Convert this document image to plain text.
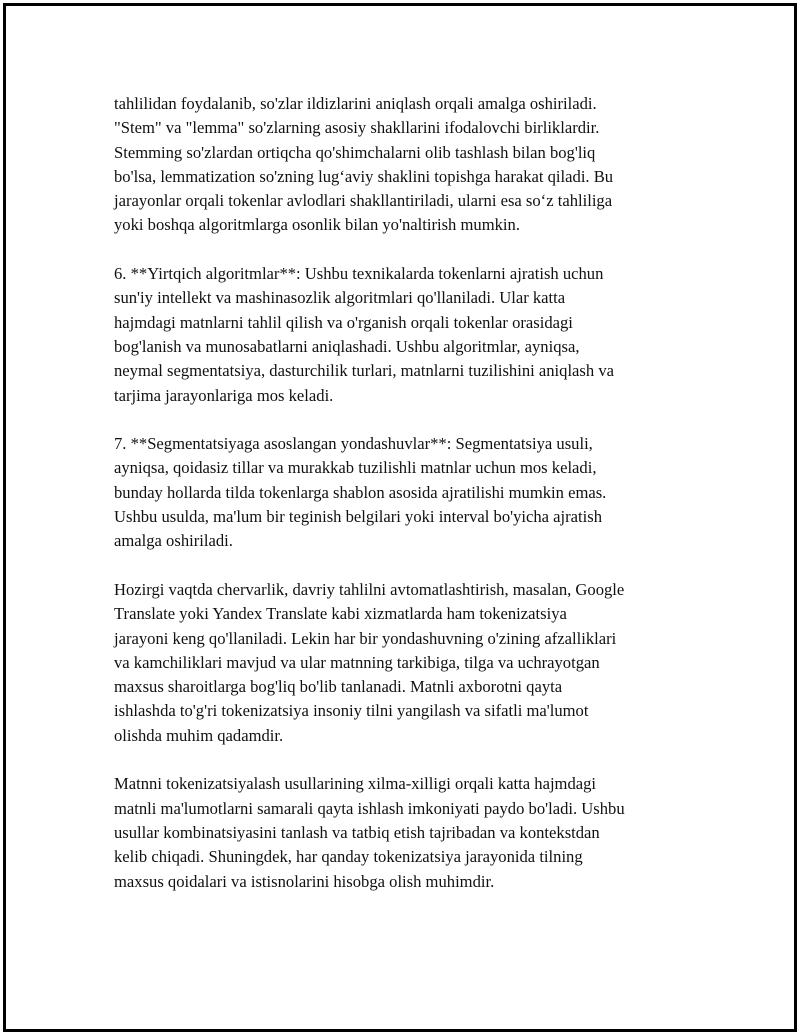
tahlilidan foydalanib, so'zlar ildizlarini aniqlash orqali amalga oshiriladi.
"Stem" va "lemma" so'zlarning asosiy shakllarini ifodalovchi birliklardir.
Stemming so'zlardan ortiqcha qo'shimchalarni olib tashlash bilan bog'liq
bo'lsa, lemmatization so'zning lug‘aviy shaklini topishga harakat qiladi. Bu
jarayonlar orqali tokenlar avlodlari shakllantiriladi, ularni esa so‘z tahliliga
yoki boshqa algoritmlarga osonlik bilan yo'naltirish mumkin.

6. **Yirtqich algoritmlar**: Ushbu texnikalarda tokenlarni ajratish uchun
sun'iy intellekt va mashinasozlik algoritmlari qo'llaniladi. Ular katta
hajmdagi matnlarni tahlil qilish va o'rganish orqali tokenlar orasidagi
bog'lanish va munosabatlarni aniqlashadi. Ushbu algoritmlar, ayniqsa,
neymal segmentatsiya, dasturchilik turlari, matnlarni tuzilishini aniqlash va
tarjima jarayonlariga mos keladi.

7. **Segmentatsiyaga asoslangan yondashuvlar**: Segmentatsiya usuli,
ayniqsa, qoidasiz tillar va murakkab tuzilishli matnlar uchun mos keladi,
bunday hollarda tilda tokenlarga shablon asosida ajratilishi mumkin emas.
Ushbu usulda, ma'lum bir teginish belgilari yoki interval bo'yicha ajratish
amalga oshiriladi.

Hozirgi vaqtda chervarlik, davriy tahlilni avtomatlashtirish, masalan, Google
Translate yoki Yandex Translate kabi xizmatlarda ham tokenizatsiya
jarayoni keng qo'llaniladi. Lekin har bir yondashuvning o'zining afzalliklari
va kamchiliklari mavjud va ular matnning tarkibiga, tilga va uchrayotgan
maxsus sharoitlarga bog'liq bo'lib tanlanadi. Matnli axborotni qayta
ishlashda to'g'ri tokenizatsiya insoniy tilni yangilash va sifatli ma'lumot
olishda muhim qadamdir.

Matnni tokenizatsiyalash usullarining xilma-xilligi orqali katta hajmdagi
matnli ma'lumotlarni samarali qayta ishlash imkoniyati paydo bo'ladi. Ushbu
usullar kombinatsiyasini tanlash va tatbiq etish tajribadan va kontekstdan
kelib chiqadi. Shuningdek, har qanday tokenizatsiya jarayonida tilning
maxsus qoidalari va istisnolarini hisobga olish muhimdir.
